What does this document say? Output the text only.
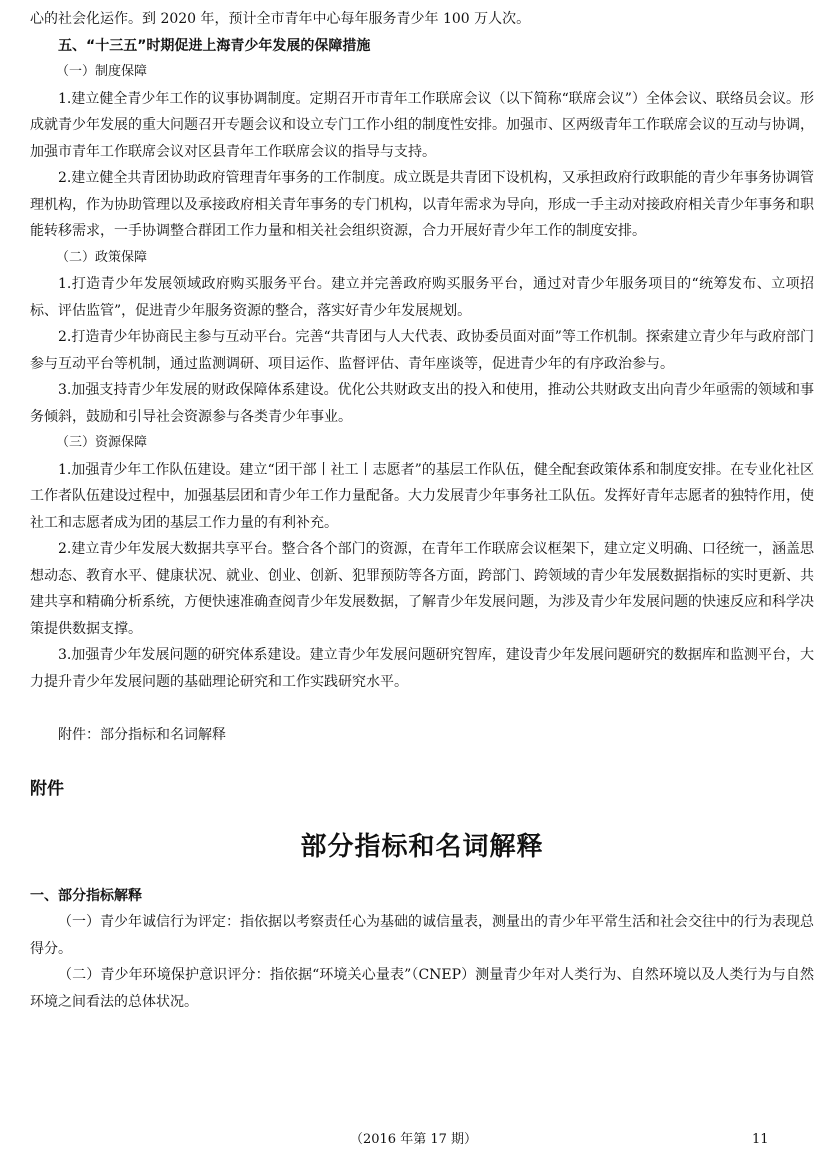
心的社会化运作。到 2020 年，预计全市青年中心每年服务青少年 100 万人次。

五、“十三五”时期促进上海青少年发展的保障措施

（一）制度保障

1.建立健全青少年工作的议事协调制度。定期召开市青年工作联席会议（以下简称“联席会议”）全体会议、联络员会议。形成就青少年发展的重大问题召开专题会议和设立专门工作小组的制度性安排。加强市、区两级青年工作联席会议的互动与协调，加强市青年工作联席会议对区县青年工作联席会议的指导与支持。

2.建立健全共青团协助政府管理青年事务的工作制度。成立既是共青团下设机构，又承担政府行政职能的青少年事务协调管理机构，作为协助管理以及承接政府相关青年事务的专门机构，以青年需求为导向，形成一手主动对接政府相关青少年事务和职能转移需求，一手协调整合群团工作力量和相关社会组织资源，合力开展好青少年工作的制度安排。

（二）政策保障

1.打造青少年发展领域政府购买服务平台。建立并完善政府购买服务平台，通过对青少年服务项目的“统筹发布、立项招标、评估监管”，促进青少年服务资源的整合，落实好青少年发展规划。

2.打造青少年协商民主参与互动平台。完善“共青团与人大代表、政协委员面对面”等工作机制。探索建立青少年与政府部门参与互动平台等机制，通过监测调研、项目运作、监督评估、青年座谈等，促进青少年的有序政治参与。

3.加强支持青少年发展的财政保障体系建设。优化公共财政支出的投入和使用，推动公共财政支出向青少年亟需的领域和事务倾斜，鼓励和引导社会资源参与各类青少年事业。

（三）资源保障

1.加强青少年工作队伍建设。建立“团干部丨社工丨志愿者”的基层工作队伍，健全配套政策体系和制度安排。在专业化社区工作者队伍建设过程中，加强基层团和青少年工作力量配备。大力发展青少年事务社工队伍。发挥好青年志愿者的独特作用，使社工和志愿者成为团的基层工作力量的有利补充。

2.建立青少年发展大数据共享平台。整合各个部门的资源，在青年工作联席会议框架下，建立定义明确、口径统一，涵盖思想动态、教育水平、健康状况、就业、创业、创新、犯罪预防等各方面，跨部门、跨领域的青少年发展数据指标的实时更新、共建共享和精确分析系统，方便快速准确查阅青少年发展数据，了解青少年发展问题，为涉及青少年发展问题的快速反应和科学决策提供数据支撑。

3.加强青少年发展问题的研究体系建设。建立青少年发展问题研究智库，建设青少年发展问题研究的数据库和监测平台，大力提升青少年发展问题的基础理论研究和工作实践研究水平。

附件：部分指标和名词解释

附件

部分指标和名词解释

一、部分指标解释

（一）青少年诚信行为评定：指依据以考察责任心为基础的诚信量表，测量出的青少年平常生活和社会交往中的行为表现总得分。

（二）青少年环境保护意识评分：指依据“环境关心量表”（CNEP）测量青少年对人类行为、自然环境以及人类行为与自然环境之间看法的总体状况。

（2016 年第 17 期）	11
